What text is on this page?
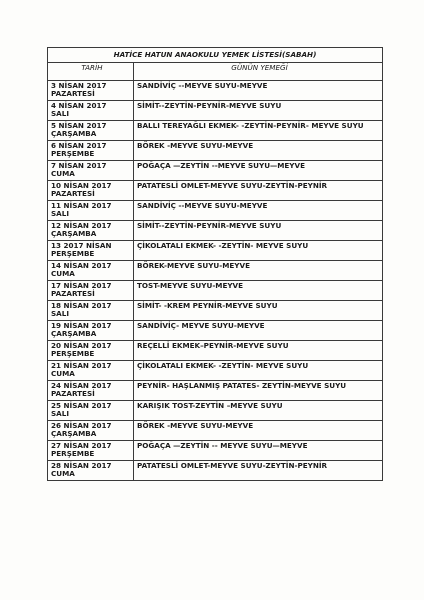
HATİCE HATUN ANAOKULU YEMEK LİSTESİ(SABAH)	
TARİH	GÜNÜN YEMEĞİ

3 NİSAN 2017
PAZARTESİ	SANDİVİÇ --MEYVE SUYU-MEYVE

4 NİSAN 2017
SALI	SİMİT--ZEYTİN-PEYNİR-MEYVE SUYU

5 NİSAN 2017
ÇARŞAMBA	BALLI TEREYAĞLI EKMEK- -ZEYTİN-PEYNİR- MEYVE SUYU

6 NİSAN 2017
PERŞEMBE	BÖREK -MEYVE SUYU-MEYVE

7 NİSAN 2017
CUMA	POĞAÇA —ZEYTİN --MEYVE SUYU—MEYVE

10 NİSAN 2017
PAZARTESİ	PATATESLİ OMLET-MEYVE SUYU-ZEYTİN-PEYNİR

11 NİSAN 2017
SALI	SANDİVİÇ --MEYVE SUYU-MEYVE

12 NİSAN 2017
ÇARŞAMBA	SİMİT--ZEYTİN-PEYNİR-MEYVE SUYU

13 2017 NİSAN
PERŞEMBE	ÇİKOLATALI EKMEK- -ZEYTİN- MEYVE SUYU

14 NİSAN 2017
CUMA	BÖREK-MEYVE SUYU-MEYVE

17 NİSAN 2017
PAZARTESİ	TOST-MEYVE SUYU-MEYVE

18 NİSAN 2017
SALI	SİMİT- -KREM PEYNİR-MEYVE SUYU

19 NİSAN 2017
ÇARŞAMBA	SANDİVİÇ- MEYVE SUYU-MEYVE

20 NİSAN 2017
PERŞEMBE	REÇELLİ EKMEK–PEYNİR-MEYVE SUYU

21 NİSAN 2017
CUMA	ÇİKOLATALI EKMEK- -ZEYTİN- MEYVE SUYU

24 NİSAN 2017
PAZARTESİ	PEYNİR- HAŞLANMIŞ PATATES- ZEYTİN-MEYVE SUYU

25 NİSAN 2017
SALI	KARIŞIK TOST-ZEYTİN –MEYVE SUYU

26 NİSAN 2017
ÇARŞAMBA	BÖREK -MEYVE SUYU-MEYVE

27 NİSAN 2017
PERŞEMBE	POĞAÇA —ZEYTİN -- MEYVE SUYU—MEYVE

28 NİSAN 2017
CUMA	PATATESLİ OMLET-MEYVE SUYU-ZEYTİN-PEYNİR
